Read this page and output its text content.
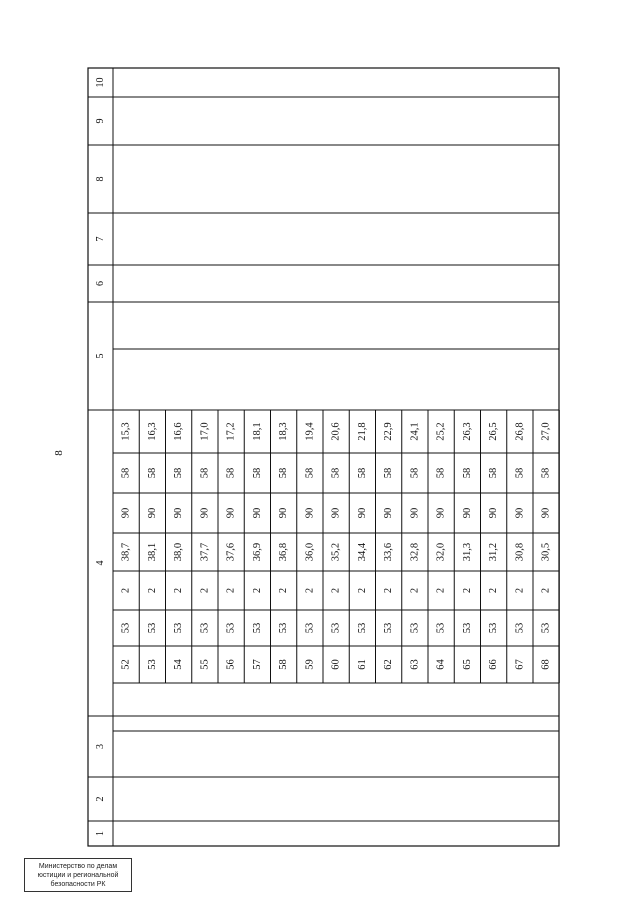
8
10
9
8
7
6
5
4
3
2
1
52
53
2
38,7
90
58
15,3
53
53
2
38,1
90
58
16,3
54
53
2
38,0
90
58
16,6
55
53
2
37,7
90
58
17,0
56
53
2
37,6
90
58
17,2
57
53
2
36,9
90
58
18,1
58
53
2
36,8
90
58
18,3
59
53
2
36,0
90
58
19,4
60
53
2
35,2
90
58
20,6
61
53
2
34,4
90
58
21,8
62
53
2
33,6
90
58
22,9
63
53
2
32,8
90
58
24,1
64
53
2
32,0
90
58
25,2
65
53
2
31,3
90
58
26,3
66
53
2
31,2
90
58
26,5
67
53
2
30,8
90
58
26,8
68
53
2
30,5
90
58
27,0
Министерство по делам
юстиции и региональной
безопасности РК
